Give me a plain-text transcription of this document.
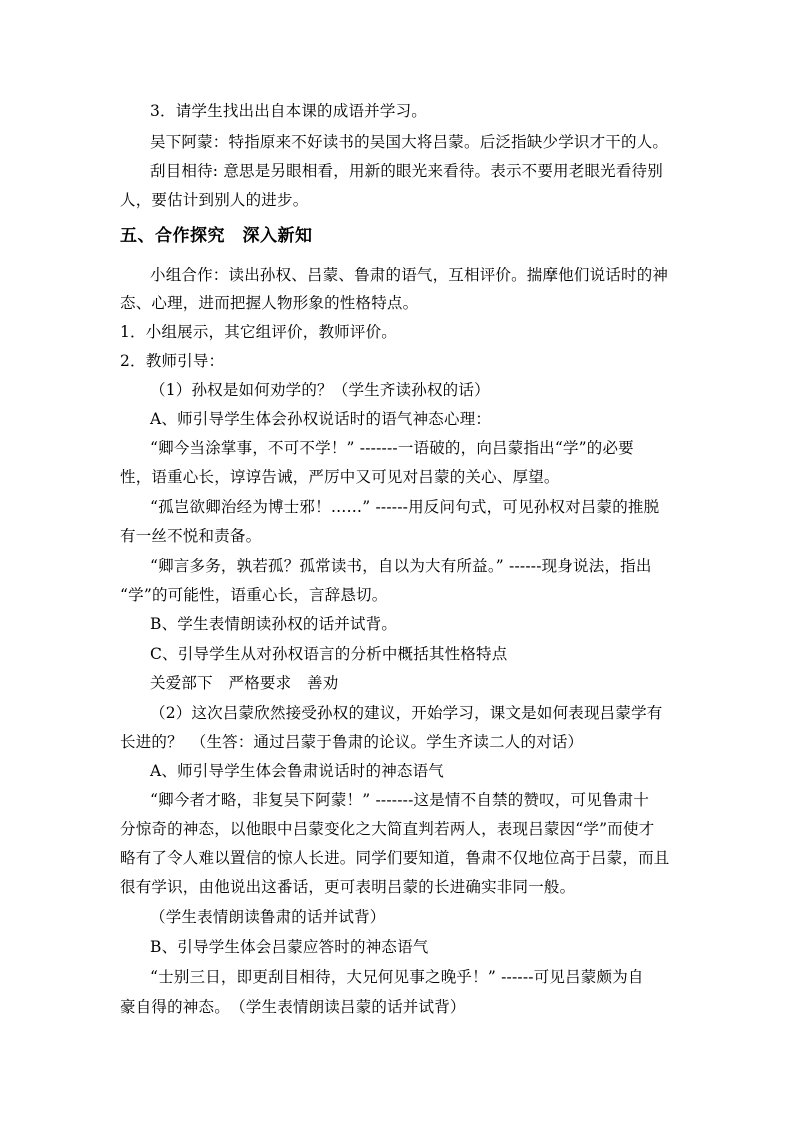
3．请学生找出出自本课的成语并学习。
吴下阿蒙：特指原来不好读书的吴国大将吕蒙。后泛指缺少学识才干的人。
刮目相待: 意思是另眼相看，用新的眼光来看待。表示不要用老眼光看待别
人，要估计到别人的进步。
五、合作探究　深入新知
小组合作：读出孙权、吕蒙、鲁肃的语气，互相评价。揣摩他们说话时的神
态、心理，进而把握人物形象的性格特点。
1．小组展示，其它组评价，教师评价。
2．教师引导：
（1）孙权是如何劝学的？（学生齐读孙权的话）
A、师引导学生体会孙权说话时的语气神态心理：
“卿今当涂掌事，不可不学！” -------一语破的，向吕蒙指出“学”的必要
性，语重心长，谆谆告诫，严厉中又可见对吕蒙的关心、厚望。
“孤岂欲卿治经为博士邪！……” ------用反问句式，可见孙权对吕蒙的推脱
有一丝不悦和责备。
“卿言多务，孰若孤？孤常读书，自以为大有所益。” ------现身说法，指出
“学”的可能性，语重心长，言辞恳切。
B、学生表情朗读孙权的话并试背。
C、引导学生从对孙权语言的分析中概括其性格特点
关爱部下　严格要求　善劝
（2）这次吕蒙欣然接受孙权的建议，开始学习，课文是如何表现吕蒙学有
长进的？　（生答：通过吕蒙于鲁肃的论议。学生齐读二人的对话）
A、师引导学生体会鲁肃说话时的神态语气
“卿今者才略，非复吴下阿蒙！” -------这是情不自禁的赞叹，可见鲁肃十
分惊奇的神态，以他眼中吕蒙变化之大简直判若两人，表现吕蒙因“学”而使才
略有了令人难以置信的惊人长进。同学们要知道，鲁肃不仅地位高于吕蒙，而且
很有学识，由他说出这番话，更可表明吕蒙的长进确实非同一般。
（学生表情朗读鲁肃的话并试背）
B、引导学生体会吕蒙应答时的神态语气
“士别三日，即更刮目相待，大兄何见事之晚乎！” ------可见吕蒙颇为自
豪自得的神态。　（学生表情朗读吕蒙的话并试背）
